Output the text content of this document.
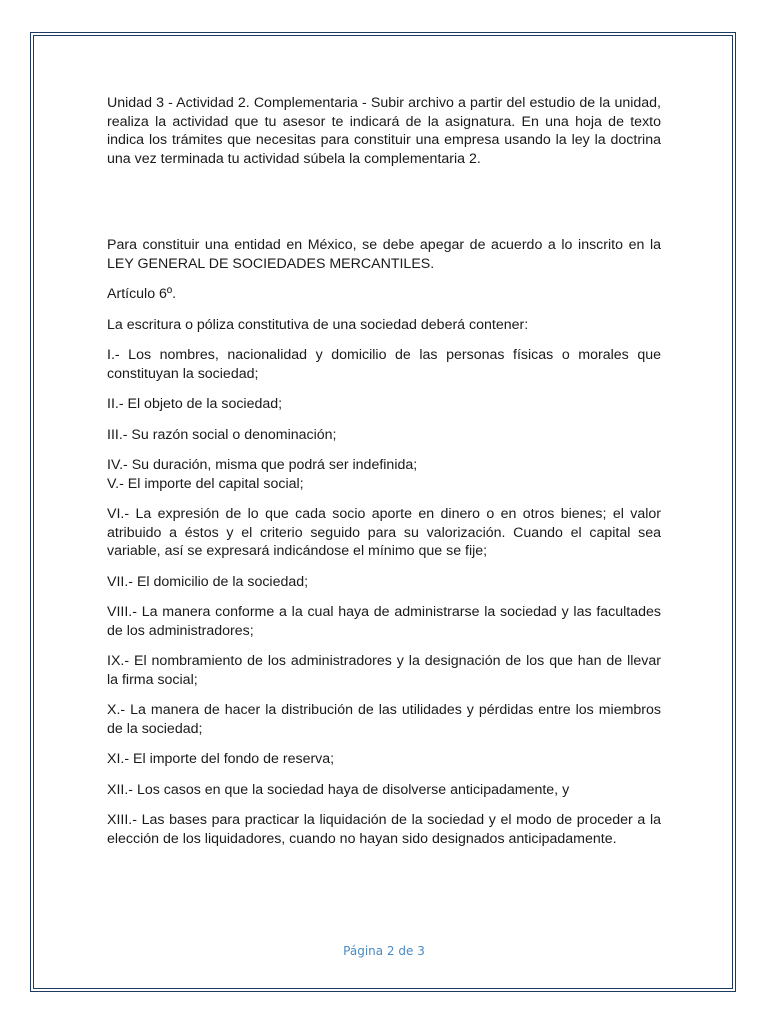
Unidad 3 - Actividad 2. Complementaria - Subir archivo a partir del estudio de la unidad, realiza la actividad que tu asesor te indicará de la asignatura. En una hoja de texto indica los trámites que necesitas para constituir una empresa usando la ley la doctrina una vez terminada tu actividad súbela la complementaria 2.

Para constituir una entidad en México, se debe apegar de acuerdo a lo inscrito en la LEY GENERAL DE SOCIEDADES MERCANTILES.

Artículo 6º.

La escritura o póliza constitutiva de una sociedad deberá contener:

I.- Los nombres, nacionalidad y domicilio de las personas físicas o morales que constituyan la sociedad;

II.- El objeto de la sociedad;

III.- Su razón social o denominación;

IV.- Su duración, misma que podrá ser indefinida;

V.- El importe del capital social;

VI.- La expresión de lo que cada socio aporte en dinero o en otros bienes; el valor atribuido a éstos y el criterio seguido para su valorización. Cuando el capital sea variable, así se expresará indicándose el mínimo que se fije;

VII.- El domicilio de la sociedad;

VIII.- La manera conforme a la cual haya de administrarse la sociedad y las facultades de los administradores;

IX.- El nombramiento de los administradores y la designación de los que han de llevar la firma social;

X.- La manera de hacer la distribución de las utilidades y pérdidas entre los miembros de la sociedad;

XI.- El importe del fondo de reserva;

XII.- Los casos en que la sociedad haya de disolverse anticipadamente, y

XIII.- Las bases para practicar la liquidación de la sociedad y el modo de proceder a la elección de los liquidadores, cuando no hayan sido designados anticipadamente.

Página 2 de 3
